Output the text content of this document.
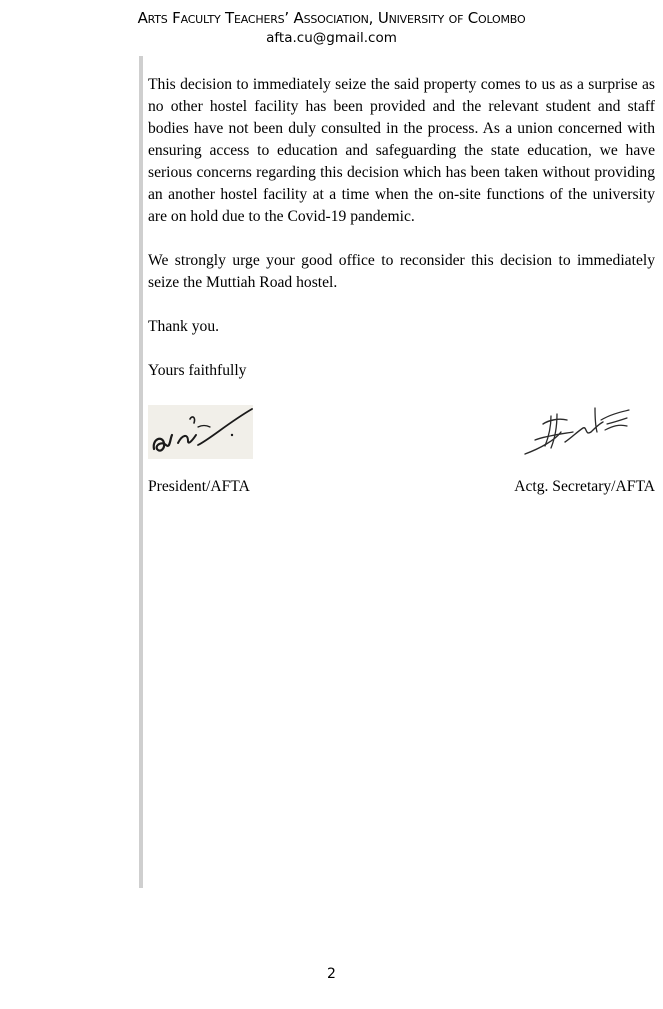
Arts Faculty Teachers’ Association, University of Colombo
afta.cu@gmail.com

This decision to immediately seize the said property comes to us as a surprise as no other hostel facility has been provided and the relevant student and staff bodies have not been duly consulted in the process. As a union concerned with ensuring access to education and safeguarding the state education, we have serious concerns regarding this decision which has been taken without providing an another hostel facility at a time when the on-site functions of the university are on hold due to the Covid-19 pandemic.

We strongly urge your good office to reconsider this decision to immediately seize the Muttiah Road hostel.

Thank you.

Yours faithfully

President/AFTA	Actg. Secretary/AFTA
2
